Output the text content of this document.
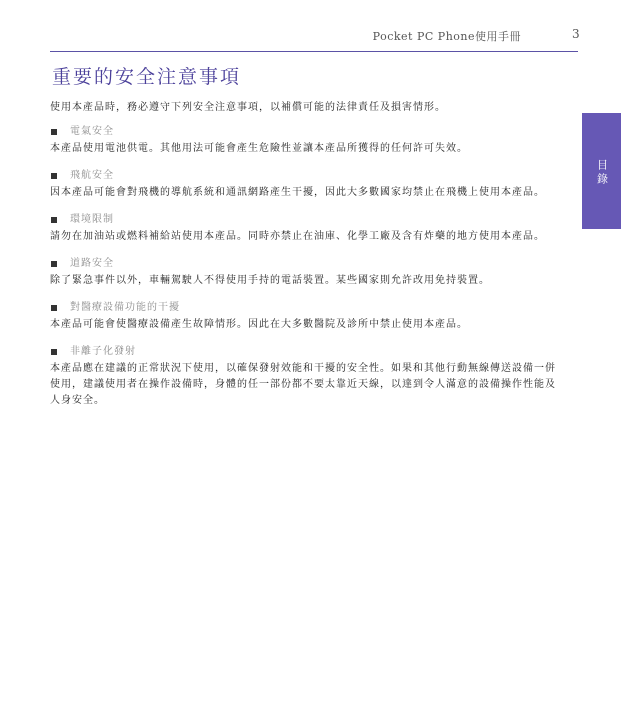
Pocket PC Phone使用手冊	3
重要的安全注意事項

使用本產品時，務必遵守下列安全注意事項，以補償可能的法律責任及損害情形。

電氣安全

本產品使用電池供電。其他用法可能會產生危險性並讓本產品所獲得的任何許可失效。

飛航安全

因本產品可能會對飛機的導航系統和通訊網路產生干擾，因此大多數國家均禁止在飛機上使用本產品。

環境限制

請勿在加油站或燃料補給站使用本產品。同時亦禁止在油庫、化學工廠及含有炸藥的地方使用本產品。

道路安全

除了緊急事件以外，車輛駕駛人不得使用手持的電話裝置。某些國家則允許改用免持裝置。

對醫療設備功能的干擾

本產品可能會使醫療設備產生故障情形。因此在大多數醫院及診所中禁止使用本產品。

非離子化發射

本產品應在建議的正常狀況下使用，以確保發射效能和干擾的安全性。如果和其他行動無線傳送設備一併使用，建議使用者在操作設備時，身體的任一部份都不要太靠近天線，以達到令人滿意的設備操作性能及人身安全。

目錄
